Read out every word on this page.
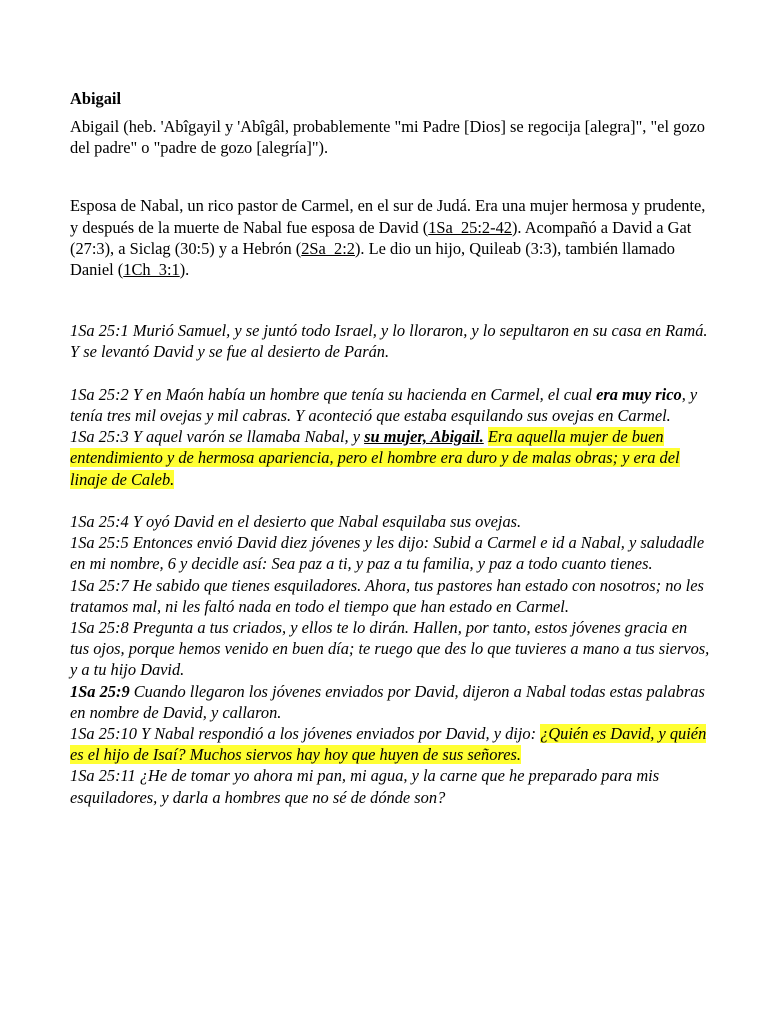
Abigail

Abigail (heb. 'Abîgayil y 'Abîgâl, probablemente "mi Padre [Dios] se regocija [alegra]", "el gozo del padre" o "padre de gozo [alegría]").

Esposa de Nabal, un rico pastor de Carmel, en el sur de Judá. Era una mujer hermosa y prudente, y después de la muerte de Nabal fue esposa de David (1Sa_25:2-42). Acompañó a David a Gat (27:3), a Siclag (30:5) y a Hebrón (2Sa_2:2). Le dio un hijo, Quileab (3:3), también llamado Daniel (1Ch_3:1).

1Sa 25:1 Murió Samuel, y se juntó todo Israel, y lo lloraron, y lo sepultaron en su casa en Ramá.

Y se levantó David y se fue al desierto de Parán.

1Sa 25:2 Y en Maón había un hombre que tenía su hacienda en Carmel, el cual era muy rico, y tenía tres mil ovejas y mil cabras. Y aconteció que estaba esquilando sus ovejas en Carmel.

1Sa 25:3 Y aquel varón se llamaba Nabal, y su mujer, Abigail. Era aquella mujer de buen entendimiento y de hermosa apariencia, pero el hombre era duro y de malas obras; y era del linaje de Caleb.

1Sa 25:4 Y oyó David en el desierto que Nabal esquilaba sus ovejas.

1Sa 25:5 Entonces envió David diez jóvenes y les dijo: Subid a Carmel e id a Nabal, y saludadle en mi nombre, 6 y decidle así: Sea paz a ti, y paz a tu familia, y paz a todo cuanto tienes.

1Sa 25:7 He sabido que tienes esquiladores. Ahora, tus pastores han estado con nosotros; no les tratamos mal, ni les faltó nada en todo el tiempo que han estado en Carmel.

1Sa 25:8 Pregunta a tus criados, y ellos te lo dirán. Hallen, por tanto, estos jóvenes gracia en tus ojos, porque hemos venido en buen día; te ruego que des lo que tuvieres a mano a tus siervos, y a tu hijo David.

1Sa 25:9 Cuando llegaron los jóvenes enviados por David, dijeron a Nabal todas estas palabras en nombre de David, y callaron.

1Sa 25:10 Y Nabal respondió a los jóvenes enviados por David, y dijo: ¿Quién es David, y quién es el hijo de Isaí? Muchos siervos hay hoy que huyen de sus señores.

1Sa 25:11 ¿He de tomar yo ahora mi pan, mi agua, y la carne que he preparado para mis esquiladores, y darla a hombres que no sé de dónde son?
